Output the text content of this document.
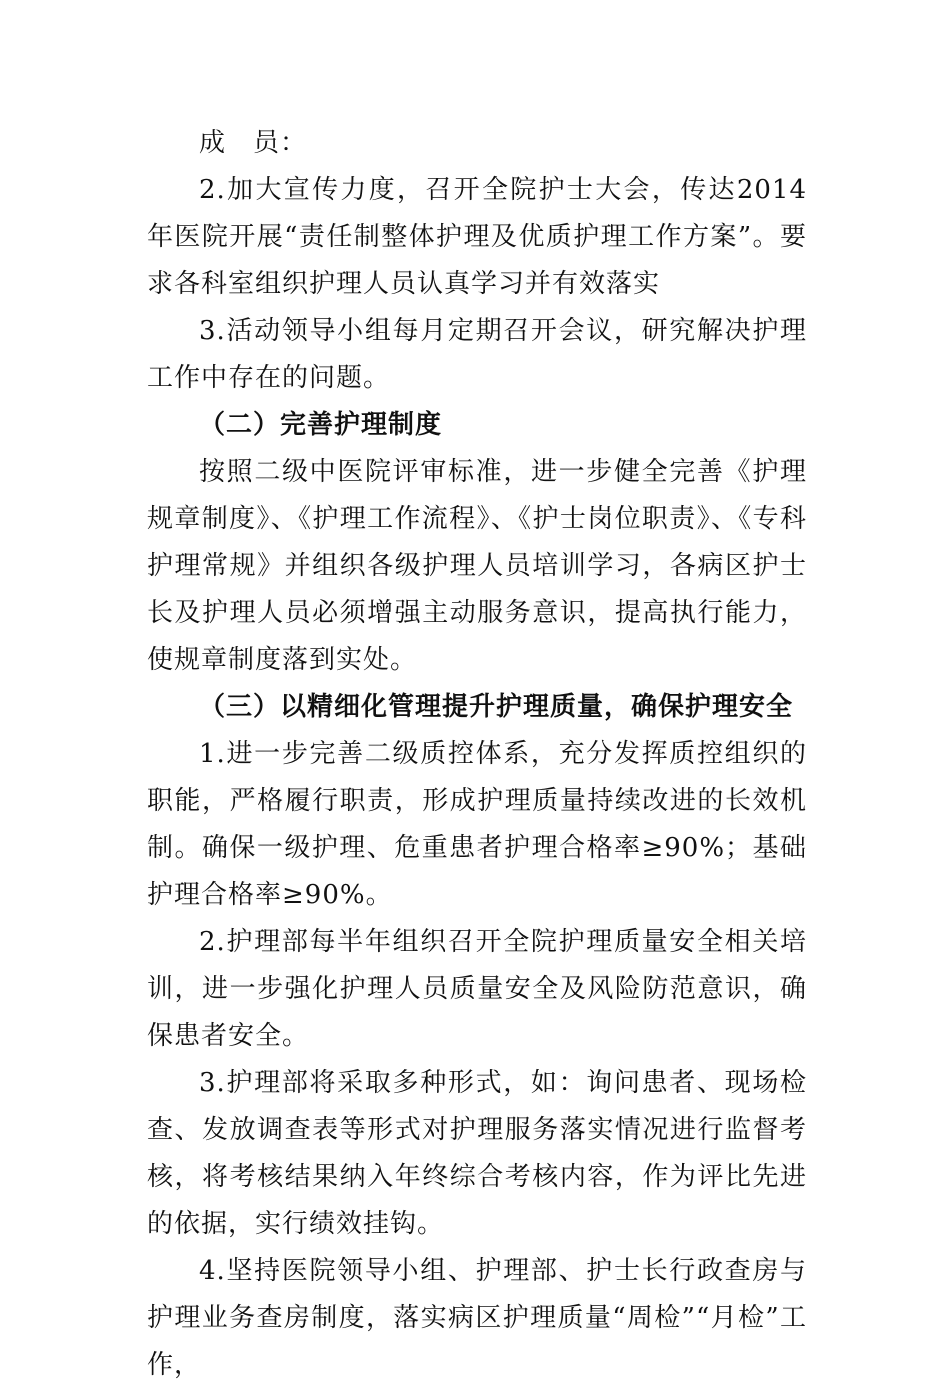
成　员：

2.加大宣传力度，召开全院护士大会，传达2014年医院开展“责任制整体护理及优质护理工作方案”。要求各科室组织护理人员认真学习并有效落实

3.活动领导小组每月定期召开会议，研究解决护理工作中存在的问题。

（二）完善护理制度

按照二级中医院评审标准，进一步健全完善《护理规章制度》、《护理工作流程》、《护士岗位职责》、《专科护理常规》并组织各级护理人员培训学习，各病区护士长及护理人员必须增强主动服务意识，提高执行能力，使规章制度落到实处。

（三）以精细化管理提升护理质量，确保护理安全

1.进一步完善二级质控体系，充分发挥质控组织的职能，严格履行职责，形成护理质量持续改进的长效机制。确保一级护理、危重患者护理合格率≥90%；基础护理合格率≥90%。

2.护理部每半年组织召开全院护理质量安全相关培训，进一步强化护理人员质量安全及风险防范意识，确保患者安全。

3.护理部将采取多种形式，如：询问患者、现场检查、发放调查表等形式对护理服务落实情况进行监督考核，将考核结果纳入年终综合考核内容，作为评比先进的依据，实行绩效挂钩。

4.坚持医院领导小组、护理部、护士长行政查房与护理业务查房制度，落实病区护理质量“周检”“月检”工作，
